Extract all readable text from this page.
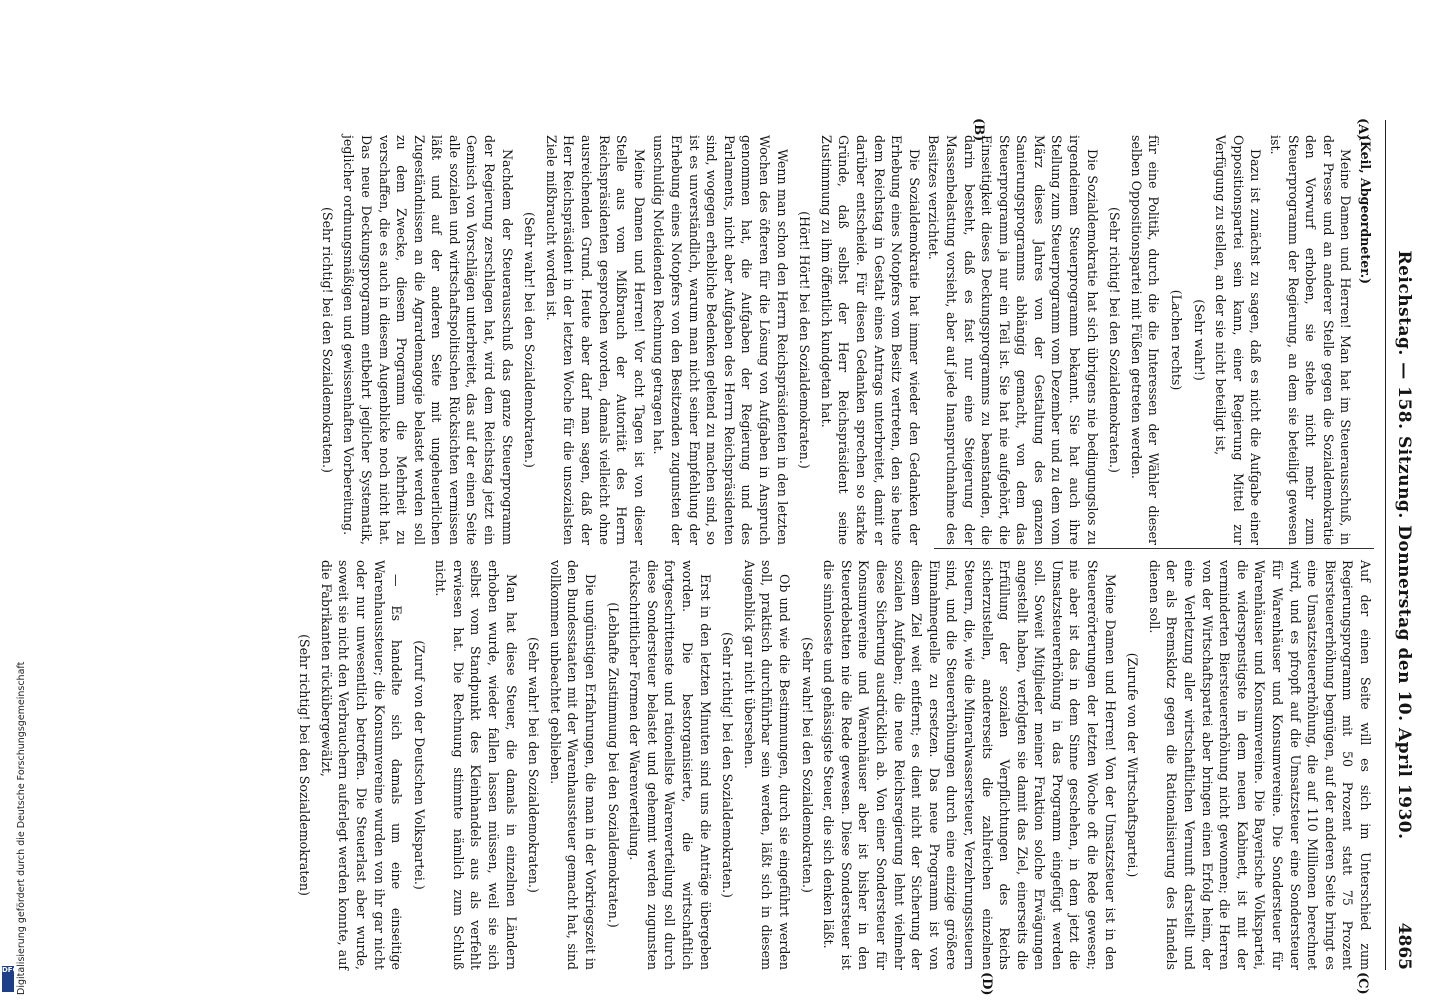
Reichstag. — 158. Sitzung. Donnerstag den 10. April 1930.
4865
(A)
(B)
(C)
(D)

(Keil, Abgeordneter.)

Meine Damen und Herren! Man hat im Steuerausschuß, in der Presse und an anderer Stelle gegen die Sozialdemokratie den Vorwurf erhoben, sie stehe nicht mehr zum Steuerprogramm der Regierung, an dem sie beteiligt gewesen ist.

Dazu ist zunächst zu sagen, daß es nicht die Aufgabe einer Oppositionspartei sein kann, einer Regierung Mittel zur Verfügung zu stellen, an der sie nicht beteiligt ist,

(Sehr wahr!)

(Lachen rechts)

für eine Politik, durch die die Interessen der Wähler dieser selben Oppositionspartei mit Füßen getreten werden.

(Sehr richtig! bei den Sozialdemokraten.)

Die Sozialdemokratie hat sich übrigens nie bedingungslos zu irgendeinem Steuerprogramm bekannt. Sie hat auch ihre Stellung zum Steuerprogramm vom Dezember und zu dem vom März dieses Jahres von der Gestaltung des ganzen Sanierungsprogramms abhängig gemacht, von dem das Steuerprogramm ja nur ein Teil ist. Sie hat nie aufgehört, die Einseitigkeit dieses Deckungsprogramms zu beanstanden, die darin besteht, daß es fast nur eine Steigerung der Massenbelastung vorsieht, aber auf jede Inanspruchnahme des Besitzes verzichtet.

Die Sozialdemokratie hat immer wieder den Gedanken der Erhebung eines Notopfers vom Besitz vertreten, den sie heute dem Reichstag in Gestalt eines Antrags unterbreitet, damit er darüber entscheide. Für diesen Gedanken sprechen so starke Gründe, daß selbst der Herr Reichspräsident seine Zustimmung zu ihm öffentlich kundgetan hat.

(Hört! Hört! bei den Sozialdemokraten.)

Wenn man schon den Herrn Reichspräsidenten in den letzten Wochen des öfteren für die Lösung von Aufgaben in Anspruch genommen hat, die Aufgaben der Regierung und des Parlaments, nicht aber Aufgaben des Herrn Reichspräsidenten sind, wogegen erhebliche Bedenken geltend zu machen sind, so ist es unverständlich, warum man nicht seiner Empfehlung der Erhebung eines Notopfers von den Besitzenden zugunsten der unschuldig Notleidenden Rechnung getragen hat.

Meine Damen und Herren! Vor acht Tagen ist von dieser Stelle aus vom Mißbrauch der Autorität des Herrn Reichspräsidenten gesprochen worden, damals vielleicht ohne ausreichenden Grund. Heute aber darf man sagen, daß der Herr Reichspräsident in der letzten Woche für die unsozialsten Ziele mißbraucht worden ist.

(Sehr wahr! bei den Sozialdemokraten.)

Nachdem der Steuerausschuß das ganze Steuerprogramm der Regierung zerschlagen hat, wird dem Reichstag jetzt ein Gemisch von Vorschlägen unterbreitet, das auf der einen Seite alle sozialen und wirtschaftspolitischen Rücksichten vermissen läßt und auf der anderen Seite mit ungeheuerlichen Zugeständnissen an die Agrardemagogie belastet werden soll zu dem Zwecke, diesem Programm die Mehrheit zu verschaffen, die es auch in diesem Augenblicke noch nicht hat. Das neue Deckungsprogramm entbehrt jeglicher Systematik, jeglicher ordnungsmäßigen und gewissenhaften Vorbereitung.

(Sehr richtig! bei den Sozialdemokraten.)

Auf der einen Seite will es sich im Unterschied zum Regierungsprogramm mit 50 Prozent statt 75 Prozent Biersteuererhöhung begnügen, auf der anderen Seite bringt es eine Umsatzsteuererhöhung, die auf 110 Millionen berechnet wird, und es pfropft auf die Umsatzsteuer eine Sondersteuer für Warenhäuser und Konsumvereine. Die Sondersteuer für Warenhäuser und Konsumvereine. Die Bayerische Volkspartei, die widerspenstigste in dem neuen Kabinett, ist mit der verminderten Biersteuererhöhung nicht gewonnen; die Herren von der Wirtschaftspartei aber bringen einen Erfolg heim, der eine Verletzung aller wirtschaftlichen Vernunft darstellt und der als Bremsklotz gegen die Rationalisierung des Handels dienen soll.

(Zurufe von der Wirtschaftspartei.)

Meine Damen und Herren! Von der Umsatzsteuer ist in den Steuererörterungen der letzten Woche oft die Rede gewesen; nie aber ist das in dem Sinne geschehen, in dem jetzt die Umsatzsteuererhöhung in das Programm eingefügt werden soll. Soweit Mitglieder meiner Fraktion solche Erwägungen angestellt haben, verfolgten sie damit das Ziel, einerseits die Erfüllung der sozialen Verpflichtungen des Reichs sicherzustellen, andererseits die zahlreichen einzelnen Steuern, die, wie die Mineralwassersteuer, Verzehrungssteuern sind, und die Steuererhöhungen durch eine einzige größere Einnahmequelle zu ersetzen. Das neue Programm ist von diesem Ziel weit entfernt; es dient nicht der Sicherung der sozialen Aufgaben; die neue Reichsregierung lehnt vielmehr diese Sicherung ausdrücklich ab. Von einer Sondersteuer für Konsumvereine und Warenhäuser aber ist bisher in den Steuerdebatten nie die Rede gewesen. Diese Sondersteuer ist die sinnloseste und gehässigste Steuer, die sich denken läßt.

(Sehr wahr! bei den Sozialdemokraten.)

Ob und wie die Bestimmungen, durch sie eingeführt werden soll, praktisch durchführbar sein werden, läßt sich in diesem Augenblick gar nicht übersehen.

(Sehr richtig! bei den Sozialdemokraten.)

Erst in den letzten Minuten sind uns die Anträge übergeben worden. Die bestorganisierte, die wirtschaftlich fortgeschrittenste und rationellste Warenverteilung soll durch diese Sondersteuer belastet und gehemmt werden zugunsten rückschrittlicher Formen der Warenverteilung.

(Lebhafte Zustimmung bei den Sozialdemokraten.)

Die ungünstigen Erfahrungen, die man in der Vorkriegszeit in den Bundesstaaten mit der Warenhaussteuer gemacht hat, sind vollkommen unbeachtet geblieben.

(Sehr wahr! bei den Sozialdemokraten.)

Man hat diese Steuer, die damals in einzelnen Ländern erhoben wurde, wieder fallen lassen müssen, weil sie sich selbst vom Standpunkt des Kleinhandels aus als verfehlt erwiesen hat. Die Rechnung stimmte nämlich zum Schluß nicht.

(Zuruf von der Deutschen Volkspartei.)

— Es handelte sich damals um eine einseitige Warenhaussteuer; die Konsumvereine wurden von ihr gar nicht oder nur unwesentlich betroffen. Die Steuerlast aber wurde, soweit sie nicht den Verbrauchern auferlegt werden konnte, auf die Fabrikanten rückübergewälzt,

(Sehr richtig! bei den Sozialdemokraten)

Digitalisierung gefördert durch die Deutsche Forschungsgemeinschaft
DFG
